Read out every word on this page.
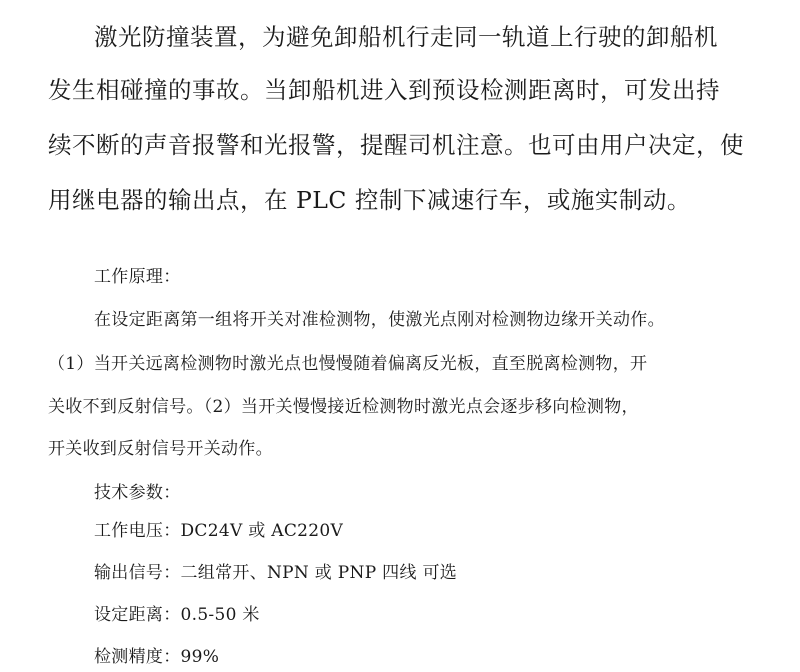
激光防撞装置，为避免卸船机行走同一轨道上行驶的卸船机
发生相碰撞的事故。当卸船机进入到预设检测距离时，可发出持
续不断的声音报警和光报警，提醒司机注意。也可由用户决定，使
用继电器的输出点，在 PLC 控制下减速行车，或施实制动。
工作原理：
在设定距离第一组将开关对准检测物，使激光点刚对检测物边缘开关动作。
（1）当开关远离检测物时激光点也慢慢随着偏离反光板，直至脱离检测物，开
关收不到反射信号。（2）当开关慢慢接近检测物时激光点会逐步移向检测物，
开关收到反射信号开关动作。
技术参数：
工作电压：DC24V 或 AC220V
输出信号：二组常开、NPN 或 PNP 四线 可选
设定距离：0.5-50 米
检测精度：99%
